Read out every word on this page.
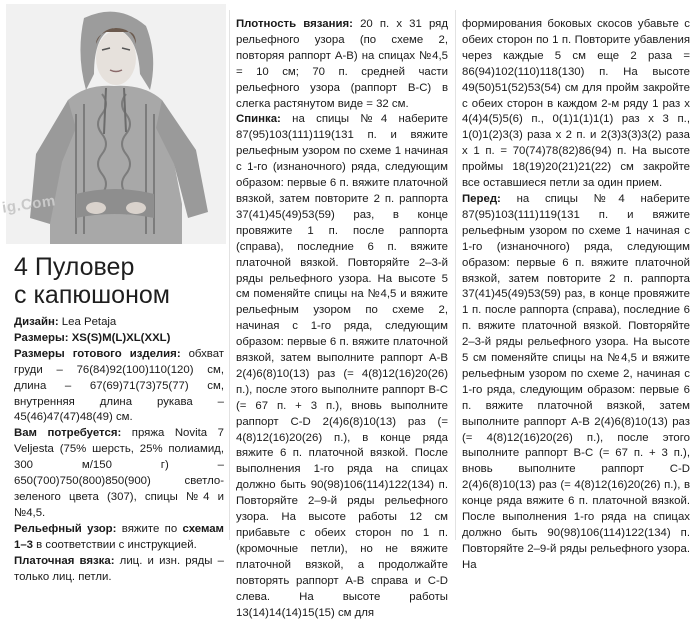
ig.Com
4 Пуловер
с капюшоном

Дизайн: Lea Petaja

Размеры: XS(S)M(L)XL(XXL)

Размеры готового изделия: обхват груди – 76(84)92(100)110(120) см, длина – 67(69)71(73)75(77) см, внутренняя длина рукава – 45(46)47(47)48(49) см.

Вам потребуется: пряжа Novita 7 Veljesta (75% шерсть, 25% полиамид, 300 м/150 г) – 650(700)750(800)850(900) светло-зеленого цвета (307), спицы №4 и №4,5.

Рельефный узор: вяжите по схемам 1–3 в соответствии с инструкцией.

Платочная вязка: лиц. и изн. ряды – только лиц. петли.

Плотность вязания: 20 п. х 31 ряд рельефного узора (по схеме 2, повторяя раппорт А-В) на спицах №4,5 = 10 см; 70 п. средней части рельефного узора (раппорт В-С) в слегка растянутом виде = 32 см.

Спинка: на спицы №4 наберите 87(95)103(111)119(131 п. и вяжите рельефным узором по схеме 1 начиная с 1-го (изнаночного) ряда, следующим образом: первые 6 п. вяжите платочной вязкой, затем повторите 2 п. раппорта 37(41)45(49)53(59) раз, в конце провяжите 1 п. после раппорта (справа), последние 6 п. вяжите платочной вязкой. Повторяйте 2–3-й ряды рельефного узора. На высоте 5 см поменяйте спицы на №4,5 и вяжите рельефным узором по схеме 2, начиная с 1-го ряда, следующим образом: первые 6 п. вяжите платочной вязкой, затем выполните раппорт А-В 2(4)6(8)10(13) раз (= 4(8)12(16)20(26) п.), после этого выполните раппорт В-С (= 67 п. + 3 п.), вновь выполните раппорт С-D 2(4)6(8)10(13) раз (= 4(8)12(16)20(26) п.), в конце ряда вяжите 6 п. платочной вязкой. После выполнения 1-го ряда на спицах должно быть 90(98)106(114)122(134) п. Повторяйте 2–9-й ряды рельефного узора. На высоте работы 12 см прибавьте с обеих сторон по 1 п. (кромочные петли), но не вяжите платочной вязкой, а продолжайте повторять раппорт А-В справа и С-D слева. На высоте работы 13(14)14(14)15(15) см для

формирования боковых скосов убавьте с обеих сторон по 1 п. Повторите убавления через каждые 5 см еще 2 раза = 86(94)102(110)118(130) п. На высоте 49(50)51(52)53(54) см для пройм закройте с обеих сторон в каждом 2-м ряду 1 раз х 4(4)4(5)5(6) п., 0(1)1(1)1(1) раз х 3 п., 1(0)1(2)3(3) раза х 2 п. и 2(3)3(3)3(2) раза х 1 п. = 70(74)78(82)86(94) п. На высоте проймы 18(19)20(21)21(22) см закройте все оставшиеся петли за один прием.

Перед: на спицы №4 наберите 87(95)103(111)119(131 п. и вяжите рельефным узором по схеме 1 начиная с 1-го (изнаночного) ряда, следующим образом: первые 6 п. вяжите платочной вязкой, затем повторите 2 п. раппорта 37(41)45(49)53(59) раз, в конце провяжите 1 п. после раппорта (справа), последние 6 п. вяжите платочной вязкой. Повторяйте 2–3-й ряды рельефного узора. На высоте 5 см поменяйте спицы на №4,5 и вяжите рельефным узором по схеме 2, начиная с 1-го ряда, следующим образом: первые 6 п. вяжите платочной вязкой, затем выполните раппорт А-В 2(4)6(8)10(13) раз (= 4(8)12(16)20(26) п.), после этого выполните раппорт В-С (= 67 п. + 3 п.), вновь выполните раппорт С-D 2(4)6(8)10(13) раз (= 4(8)12(16)20(26) п.), в конце ряда вяжите 6 п. платочной вязкой. После выполнения 1-го ряда на спицах должно быть 90(98)106(114)122(134) п. Повторяйте 2–9-й ряды рельефного узора. На
